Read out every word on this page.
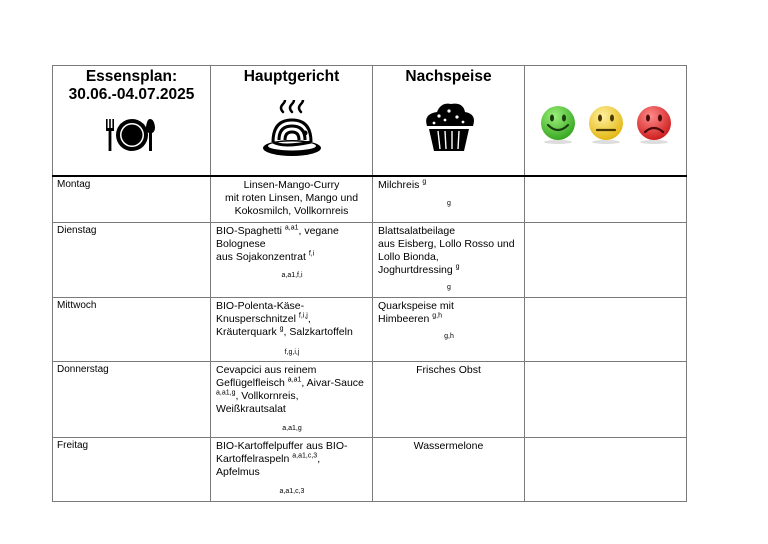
Essensplan:
30.06.-04.07.2025	Hauptgericht	Nachspeise

Montag	Linsen-Mango-Curry
mit roten Linsen, Mango und
Kokosmilch, Vollkornreis	Milchreis $^g$
g	

Dienstag	BIO-Spaghetti $^{a,a1}$, vegane Bolognese
aus Sojakonzentrat $^{f,i}$
a,a1,f,i	Blattsalatbeilage
aus Eisberg, Lollo Rosso und
Lollo Bionda,
Joghurtdressing $^g$
g	

Mittwoch	BIO-Polenta-Käse-Knusperschnitzel $^{f,i,j}$,
Kräuterquark $^g$, Salzkartoffeln
f,g,i,j	Quarkspeise mit
Himbeeren $^{g,h}$
g,h	

Donnerstag	Cevapcici aus reinem Geflügelfleisch $^{a,a1}$, Aivar-Sauce $^{a,a1,g}$, Vollkornreis, Weißkrautsalat
a,a1,g	Frisches Obst	

Freitag	BIO-Kartoffelpuffer aus BIO-Kartoffelraspeln $^{a,a1,c,3}$,
Apfelmus
a,a1,c,3	Wassermelone	
